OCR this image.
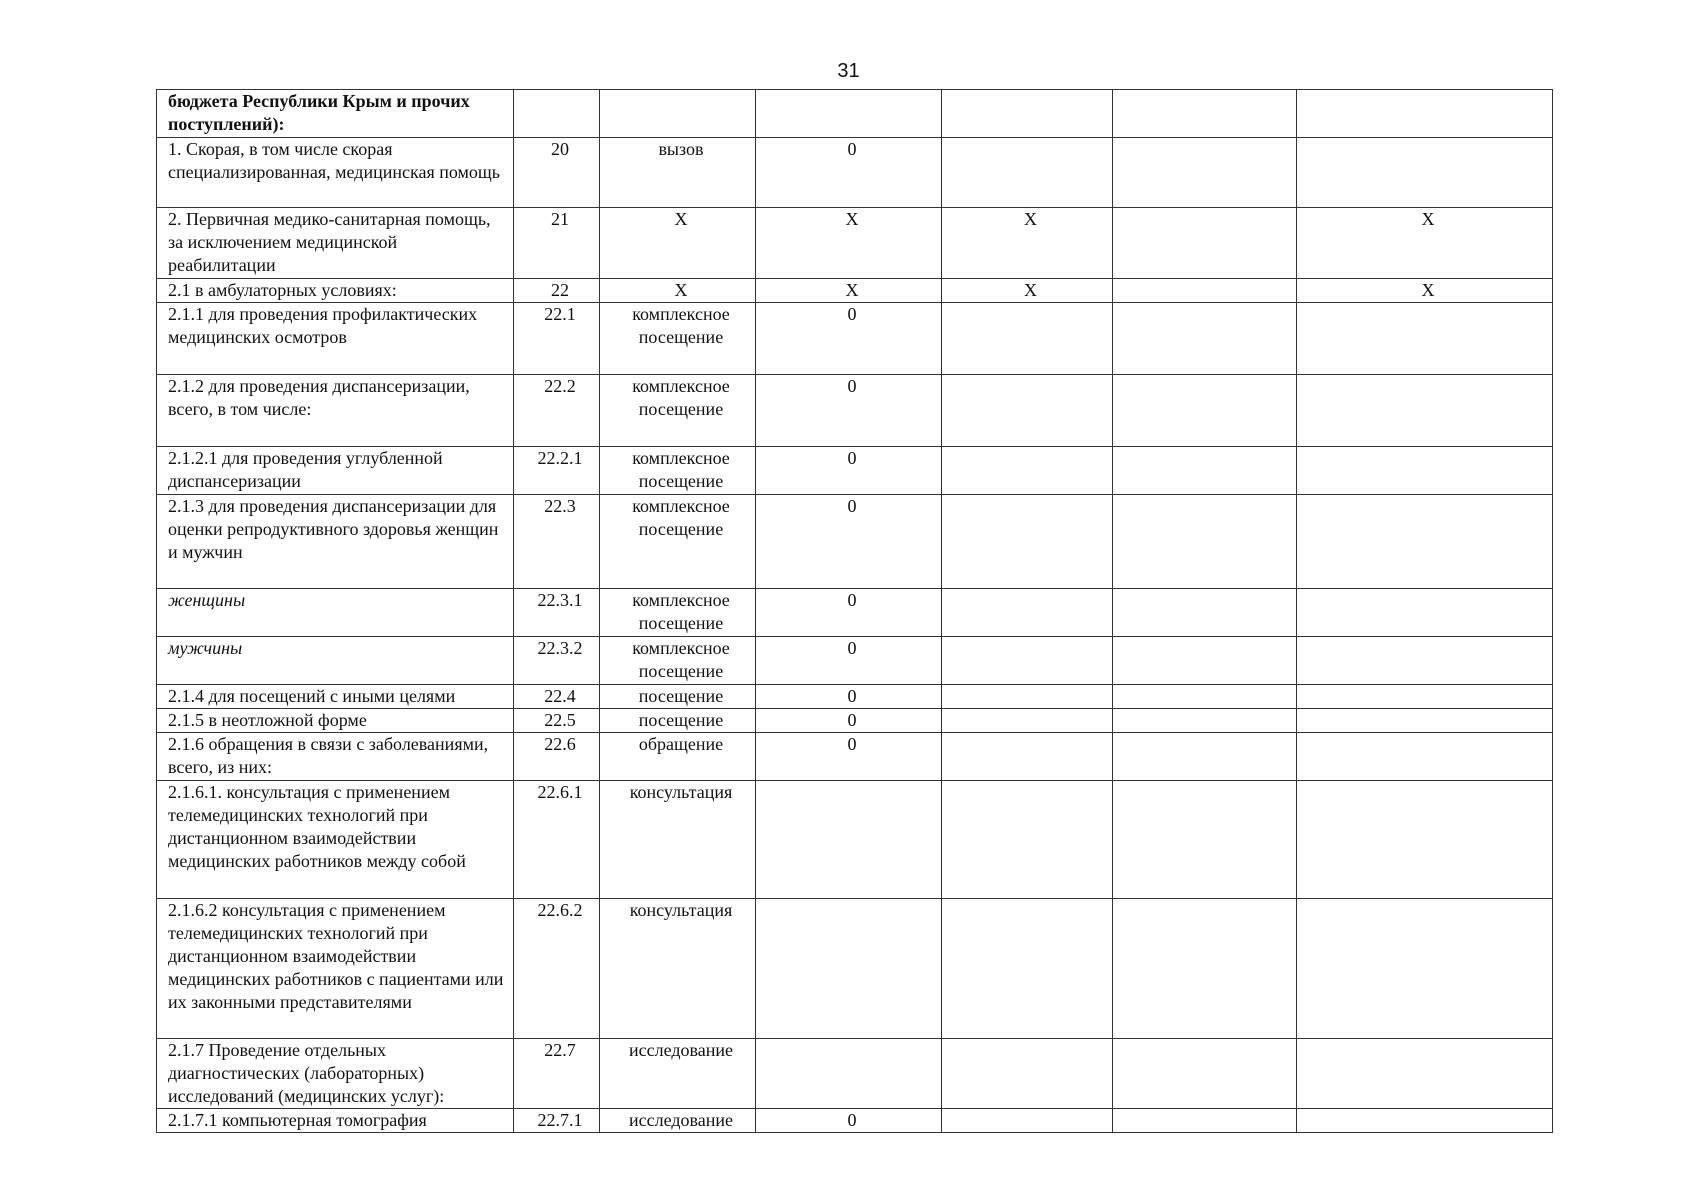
31
бюджета Республики Крым и прочих поступлений):						
1. Скорая, в том числе скорая специализированная, медицинская помощь	20	вызов	0			
2. Первичная медико-санитарная помощь, за исключением медицинской реабилитации	21	X	X	X		X
2.1 в амбулаторных условиях:	22	X	X	X		X
2.1.1 для проведения профилактических медицинских осмотров	22.1	комплексное посещение	0			
2.1.2 для проведения диспансеризации, всего, в том числе:	22.2	комплексное посещение	0			
2.1.2.1 для проведения углубленной диспансеризации	22.2.1	комплексное посещение	0			
2.1.3 для проведения диспансеризации для оценки репродуктивного здоровья женщин и мужчин	22.3	комплексное посещение	0			
женщины	22.3.1	комплексное посещение	0			
мужчины	22.3.2	комплексное посещение	0			
2.1.4 для посещений с иными целями	22.4	посещение	0			
2.1.5 в неотложной форме	22.5	посещение	0			
2.1.6 обращения в связи с заболеваниями, всего, из них:	22.6	обращение	0			
2.1.6.1. консультация с применением телемедицинских технологий при дистанционном взаимодействии медицинских работников между собой	22.6.1	консультация				
2.1.6.2 консультация с применением телемедицинских технологий при дистанционном взаимодействии медицинских работников с пациентами или их законными представителями	22.6.2	консультация				
2.1.7 Проведение отдельных диагностических (лабораторных) исследований (медицинских услуг):	22.7	исследование				
2.1.7.1 компьютерная томография	22.7.1	исследование	0			
